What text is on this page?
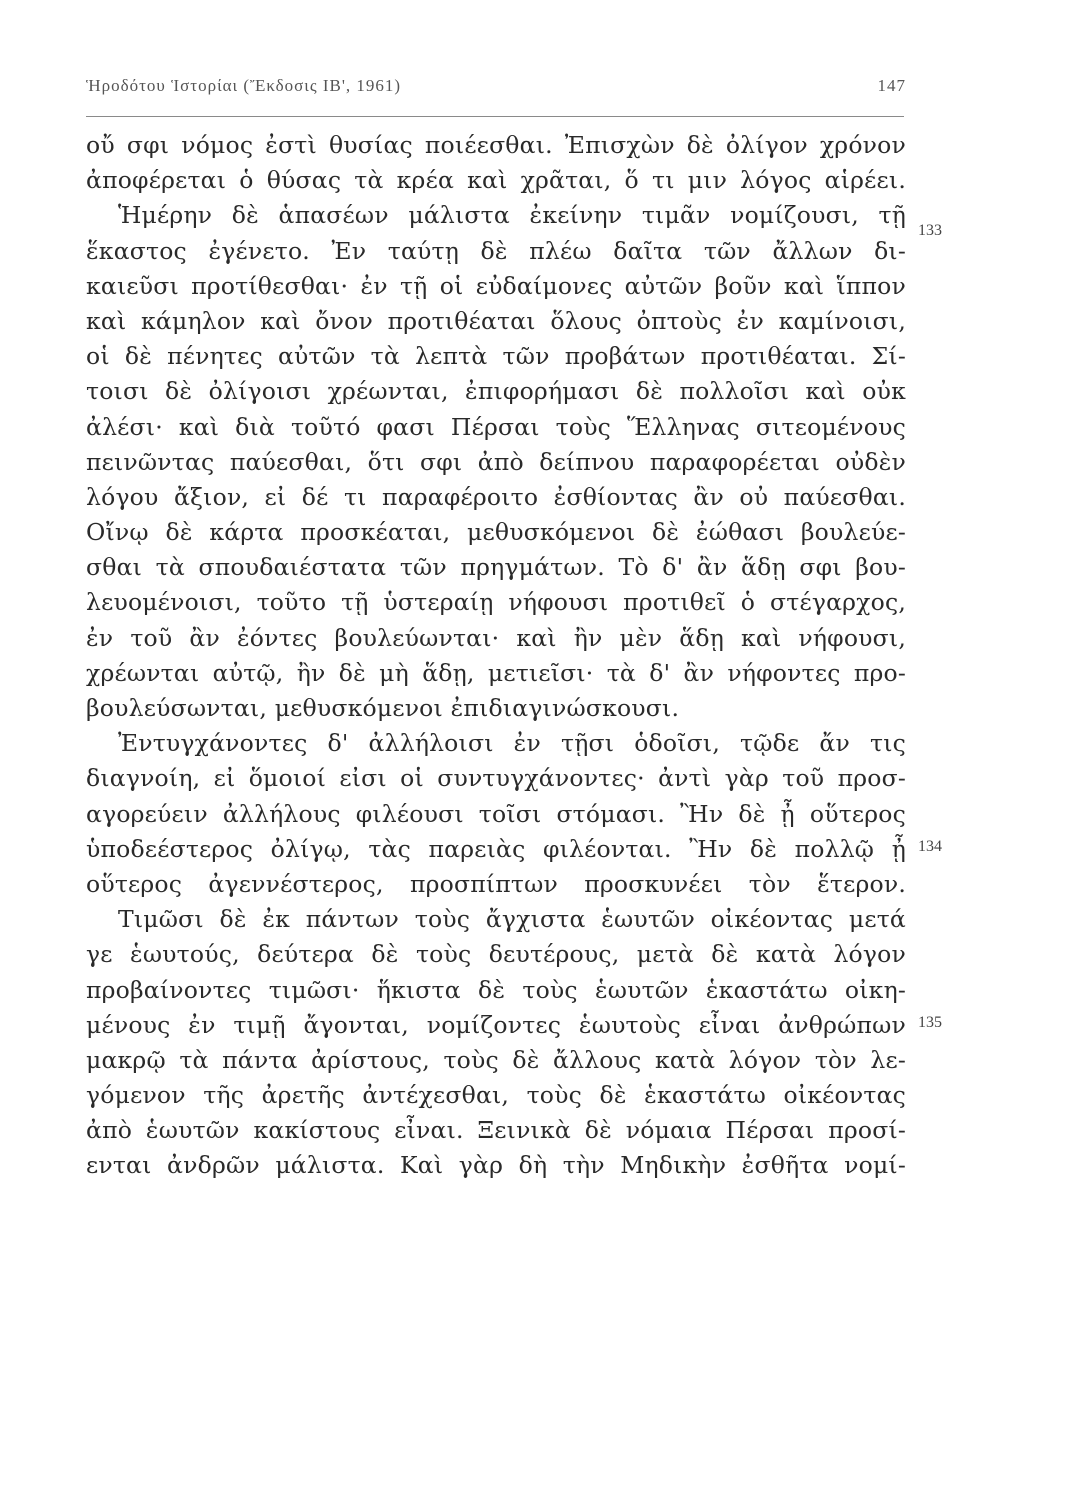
Ἡροδότου Ἱστορίαι (Ἔκδοσις ΙΒ', 1961)	147
οὔ σφι νόμος ἐστὶ θυσίας ποιέεσθαι. Ἐπισχὼν δὲ ὀλίγον χρόνον
ἀποφέρεται ὁ θύσας τὰ κρέα καὶ χρᾶται, ὅ τι μιν λόγος αἱρέει.
Ἡμέρην δὲ ἁπασέων μάλιστα ἐκείνην τιμᾶν νομίζουσι, τῇ
ἕκαστος ἐγένετο. Ἐν ταύτῃ δὲ πλέω δαῖτα τῶν ἄλλων δι-
καιεῦσι προτίθεσθαι· ἐν τῇ οἱ εὐδαίμονες αὐτῶν βοῦν καὶ ἵππον
καὶ κάμηλον καὶ ὄνον προτιθέαται ὅλους ὀπτοὺς ἐν καμίνοισι,
οἱ δὲ πένητες αὐτῶν τὰ λεπτὰ τῶν προβάτων προτιθέαται. Σί-
τοισι δὲ ὀλίγοισι χρέωνται, ἐπιφορήμασι δὲ πολλοῖσι καὶ οὐκ
ἀλέσι· καὶ διὰ τοῦτό φασι Πέρσαι τοὺς Ἕλληνας σιτεομένους
πεινῶντας παύεσθαι, ὅτι σφι ἀπὸ δείπνου παραφορέεται οὐδὲν
λόγου ἄξιον, εἰ δέ τι παραφέροιτο ἐσθίοντας ἂν οὐ παύεσθαι.
Οἴνῳ δὲ κάρτα προσκέαται, μεθυσκόμενοι δὲ ἐώθασι βουλεύε-
σθαι τὰ σπουδαιέστατα τῶν πρηγμάτων. Τὸ δ' ἂν ἅδῃ σφι βου-
λευομένοισι, τοῦτο τῇ ὑστεραίῃ νήφουσι προτιθεῖ ὁ στέγαρχος,
ἐν τοῦ ἂν ἐόντες βουλεύωνται· καὶ ἢν μὲν ἅδῃ καὶ νήφουσι,
χρέωνται αὐτῷ, ἢν δὲ μὴ ἅδῃ, μετιεῖσι· τὰ δ' ἂν νήφοντες προ-
βουλεύσωνται, μεθυσκόμενοι ἐπιδιαγινώσκουσι.
Ἐντυγχάνοντες δ' ἀλλήλοισι ἐν τῇσι ὁδοῖσι, τῷδε ἄν τις
διαγνοίη, εἰ ὅμοιοί εἰσι οἱ συντυγχάνοντες· ἀντὶ γὰρ τοῦ προσ-
αγορεύειν ἀλλήλους φιλέουσι τοῖσι στόμασι. Ἢν δὲ ᾖ οὕτερος
ὑποδεέστερος ὀλίγῳ, τὰς παρειὰς φιλέονται. Ἢν δὲ πολλῷ ᾖ
οὕτερος ἀγεννέστερος, προσπίπτων προσκυνέει τὸν ἕτερον.
Τιμῶσι δὲ ἐκ πάντων τοὺς ἄγχιστα ἑωυτῶν οἰκέοντας μετά
γε ἑωυτούς, δεύτερα δὲ τοὺς δευτέρους, μετὰ δὲ κατὰ λόγον
προβαίνοντες τιμῶσι· ἥκιστα δὲ τοὺς ἑωυτῶν ἑκαστάτω οἰκη-
μένους ἐν τιμῇ ἄγονται, νομίζοντες ἑωυτοὺς εἶναι ἀνθρώπων
μακρῷ τὰ πάντα ἀρίστους, τοὺς δὲ ἄλλους κατὰ λόγον τὸν λε-
γόμενον τῆς ἀρετῆς ἀντέχεσθαι, τοὺς δὲ ἑκαστάτω οἰκέοντας
ἀπὸ ἑωυτῶν κακίστους εἶναι. Ξεινικὰ δὲ νόμαια Πέρσαι προσί-
ενται ἀνδρῶν μάλιστα. Καὶ γὰρ δὴ τὴν Μηδικὴν ἐσθῆτα νομί-
133
134
135
